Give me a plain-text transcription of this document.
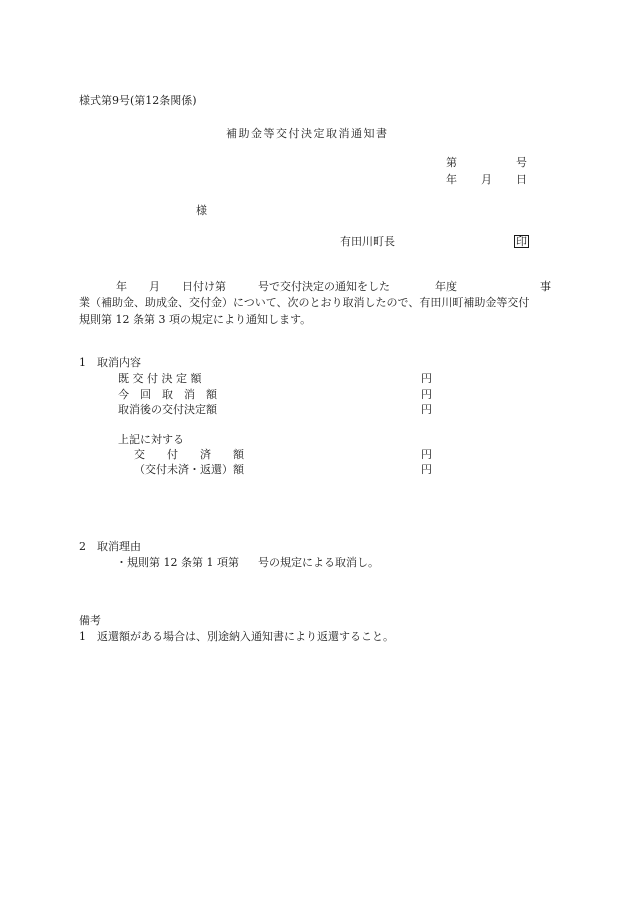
様式第9号(第12条関係)
補助金等交付決定取消通知書
第	号
年 月 日
様
有田川町長	印
年 月 日付け第	号で交付決定の通知をした	年度	事
業（補助金、助成金、交付金）について、次のとおり取消したので、有田川町補助金等交付
規則第 12 条第 3 項の規定により通知します。
1　取消内容
既 交 付 決 定 額	円
今　回　取　消　額	円
取消後の交付決定額	円
上記に対する
交　　付　　済　　額	円
（交付未済・返還）額	円
2　取消理由
・規則第 12 条第 1 項第 号の規定による取消し。
備考
1　返還額がある場合は、別途納入通知書により返還すること。
